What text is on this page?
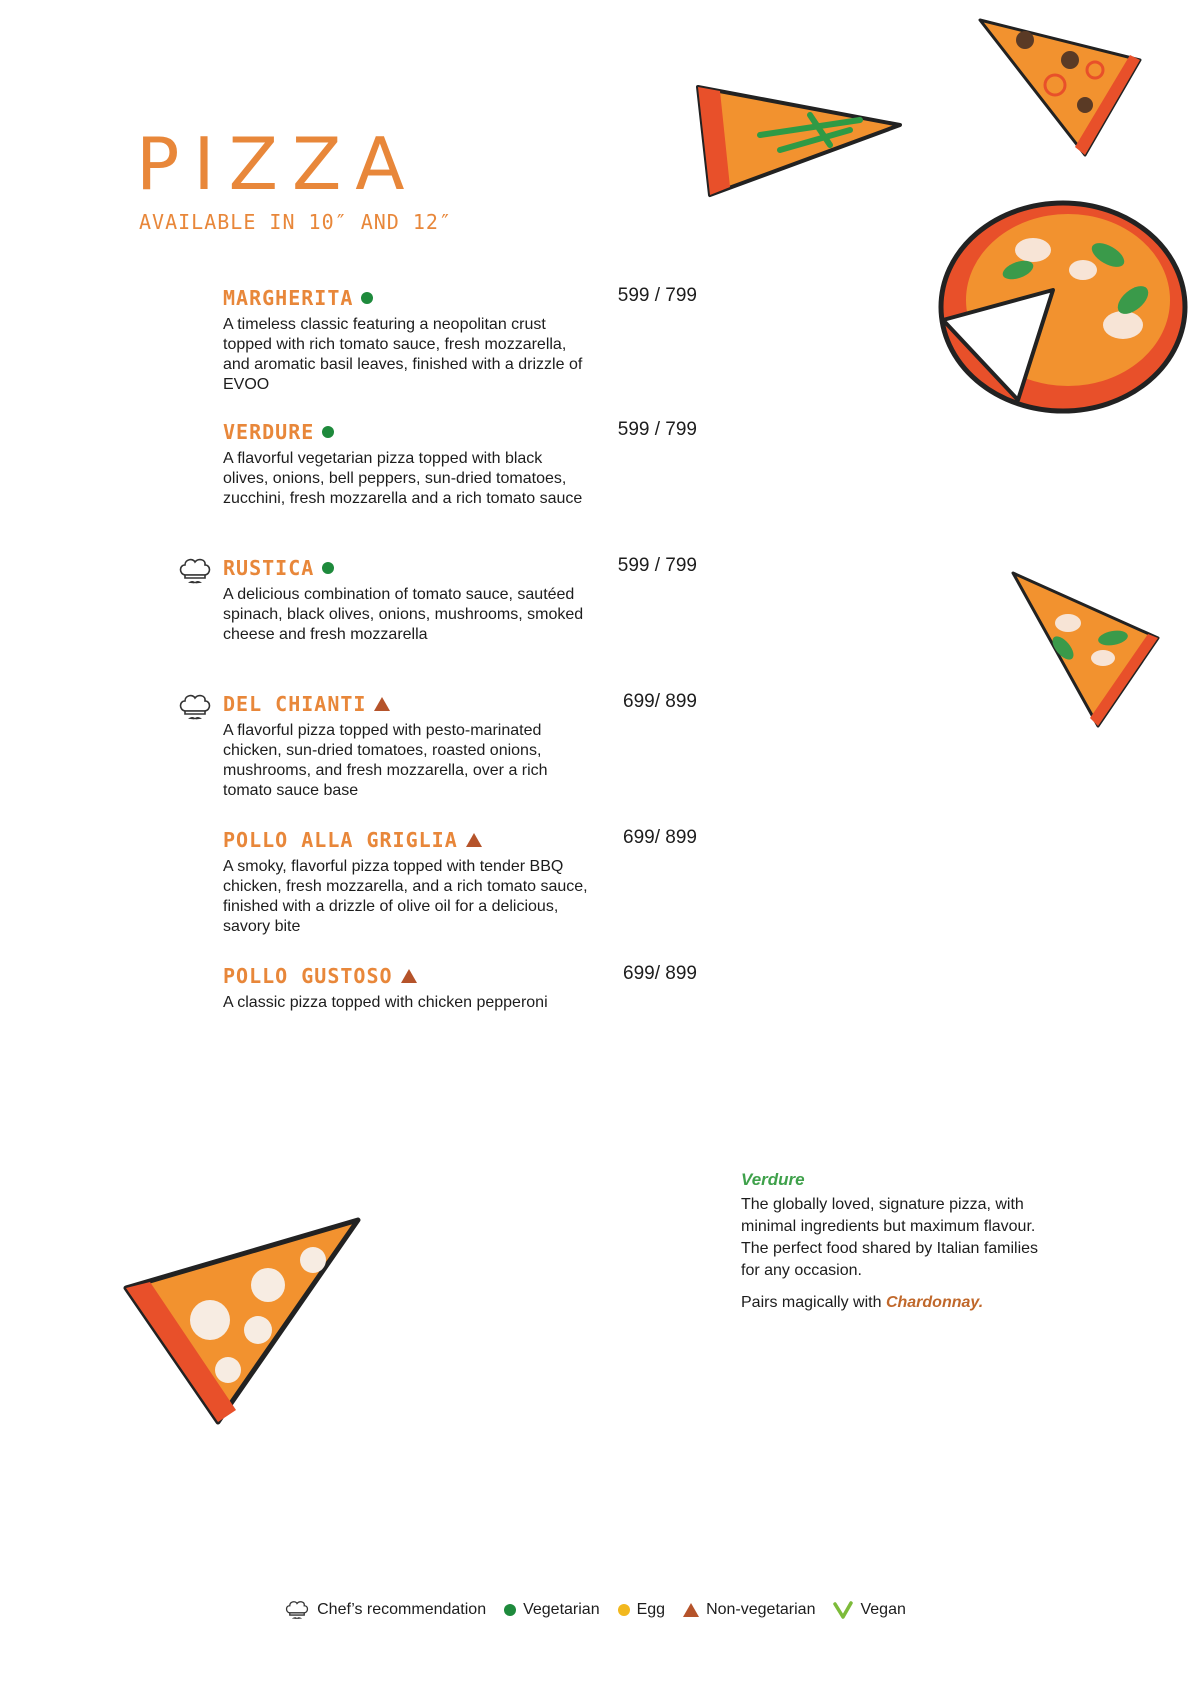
PIZZA
AVAILABLE IN 10″ AND 12″
MARGHERITA
A timeless classic featuring a neopolitan crust topped with rich tomato sauce, fresh mozzarella, and aromatic basil leaves, finished with a drizzle of EVOO
599 / 799
VERDURE
A flavorful vegetarian pizza topped with black olives, onions, bell peppers, sun-dried tomatoes, zucchini, fresh mozzarella and a rich tomato sauce
599 / 799
RUSTICA
A delicious combination of tomato sauce, sautéed spinach, black olives, onions, mushrooms, smoked cheese and fresh mozzarella
599 / 799
DEL CHIANTI
A flavorful pizza topped with pesto-marinated chicken, sun-dried tomatoes, roasted onions, mushrooms, and fresh mozzarella, over a rich tomato sauce base
699/ 899
POLLO ALLA GRIGLIA
A smoky, flavorful pizza topped with tender BBQ chicken, fresh mozzarella, and a rich tomato sauce, finished with a drizzle of olive oil for a delicious, savory bite
699/ 899
POLLO GUSTOSO
A classic pizza topped with chicken pepperoni
699/ 899
Verdure
The globally loved, signature pizza, with minimal ingredients but maximum flavour. The perfect food shared by Italian families for any occasion.
Pairs magically with Chardonnay.
Chef’s recommendation Vegetarian Egg	Non-vegetarian	Vegan
